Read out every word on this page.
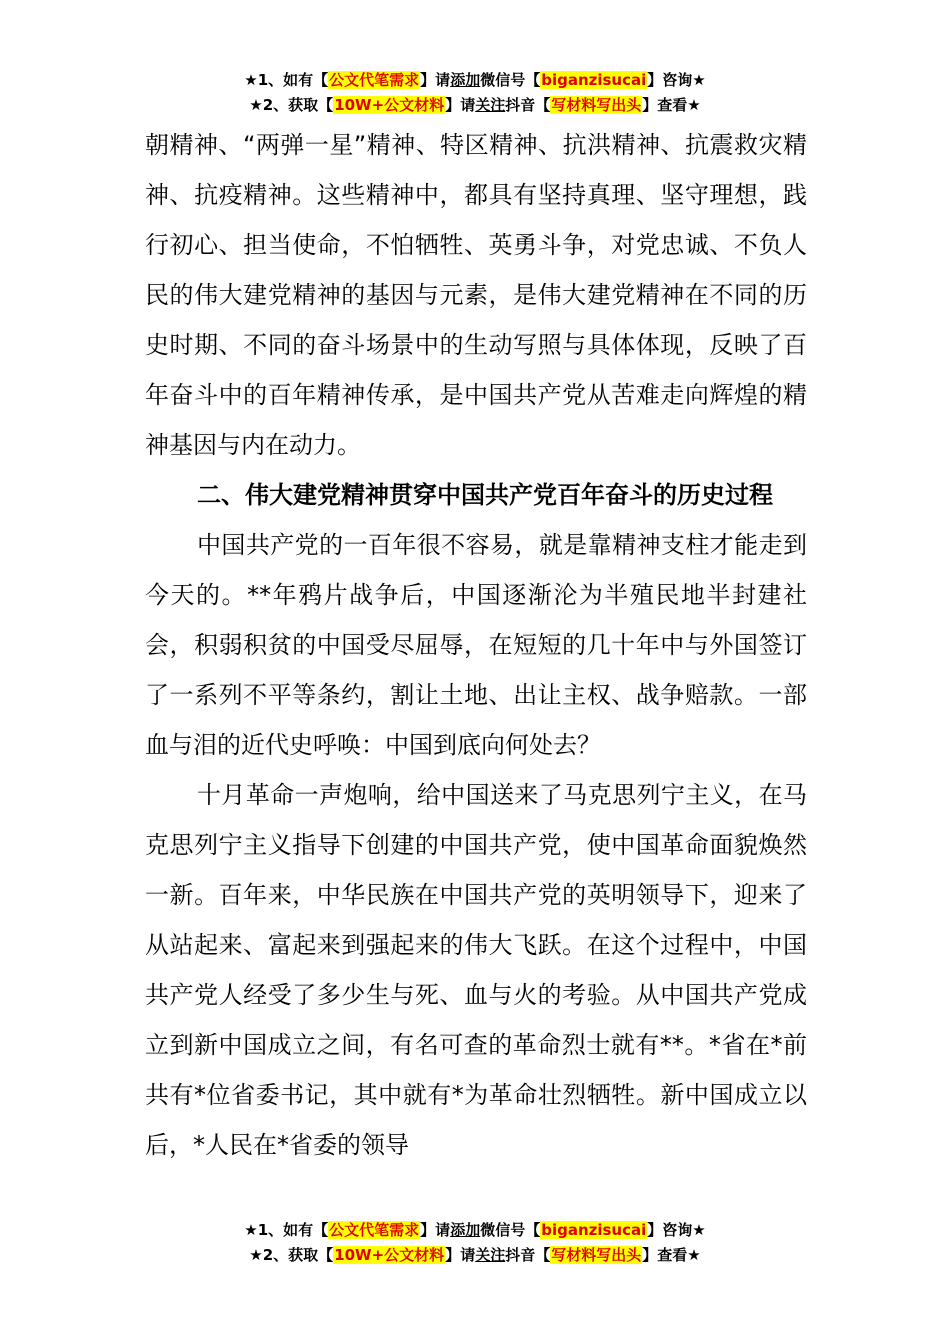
★1、如有【公文代笔需求】请添加微信号【biganzisucai】咨询★
★2、获取【10W+公文材料】请关注抖音【写材料写出头】查看★

朝精神、“两弹一星”精神、特区精神、抗洪精神、抗震救灾精神、抗疫精神。这些精神中，都具有坚持真理、坚守理想，践行初心、担当使命，不怕牺牲、英勇斗争，对党忠诚、不负人民的伟大建党精神的基因与元素，是伟大建党精神在不同的历史时期、不同的奋斗场景中的生动写照与具体体现，反映了百年奋斗中的百年精神传承，是中国共产党从苦难走向辉煌的精神基因与内在动力。

二、伟大建党精神贯穿中国共产党百年奋斗的历史过程

中国共产党的一百年很不容易，就是靠精神支柱才能走到今天的。**年鸦片战争后，中国逐渐沦为半殖民地半封建社会，积弱积贫的中国受尽屈辱，在短短的几十年中与外国签订了一系列不平等条约，割让土地、出让主权、战争赔款。一部血与泪的近代史呼唤：中国到底向何处去？

十月革命一声炮响，给中国送来了马克思列宁主义，在马克思列宁主义指导下创建的中国共产党，使中国革命面貌焕然一新。百年来，中华民族在中国共产党的英明领导下，迎来了从站起来、富起来到强起来的伟大飞跃。在这个过程中，中国共产党人经受了多少生与死、血与火的考验。从中国共产党成立到新中国成立之间，有名可查的革命烈士就有**。*省在*前共有*位省委书记，其中就有*为革命壮烈牺牲。新中国成立以后，*人民在*省委的领导

★1、如有【公文代笔需求】请添加微信号【biganzisucai】咨询★
★2、获取【10W+公文材料】请关注抖音【写材料写出头】查看★
